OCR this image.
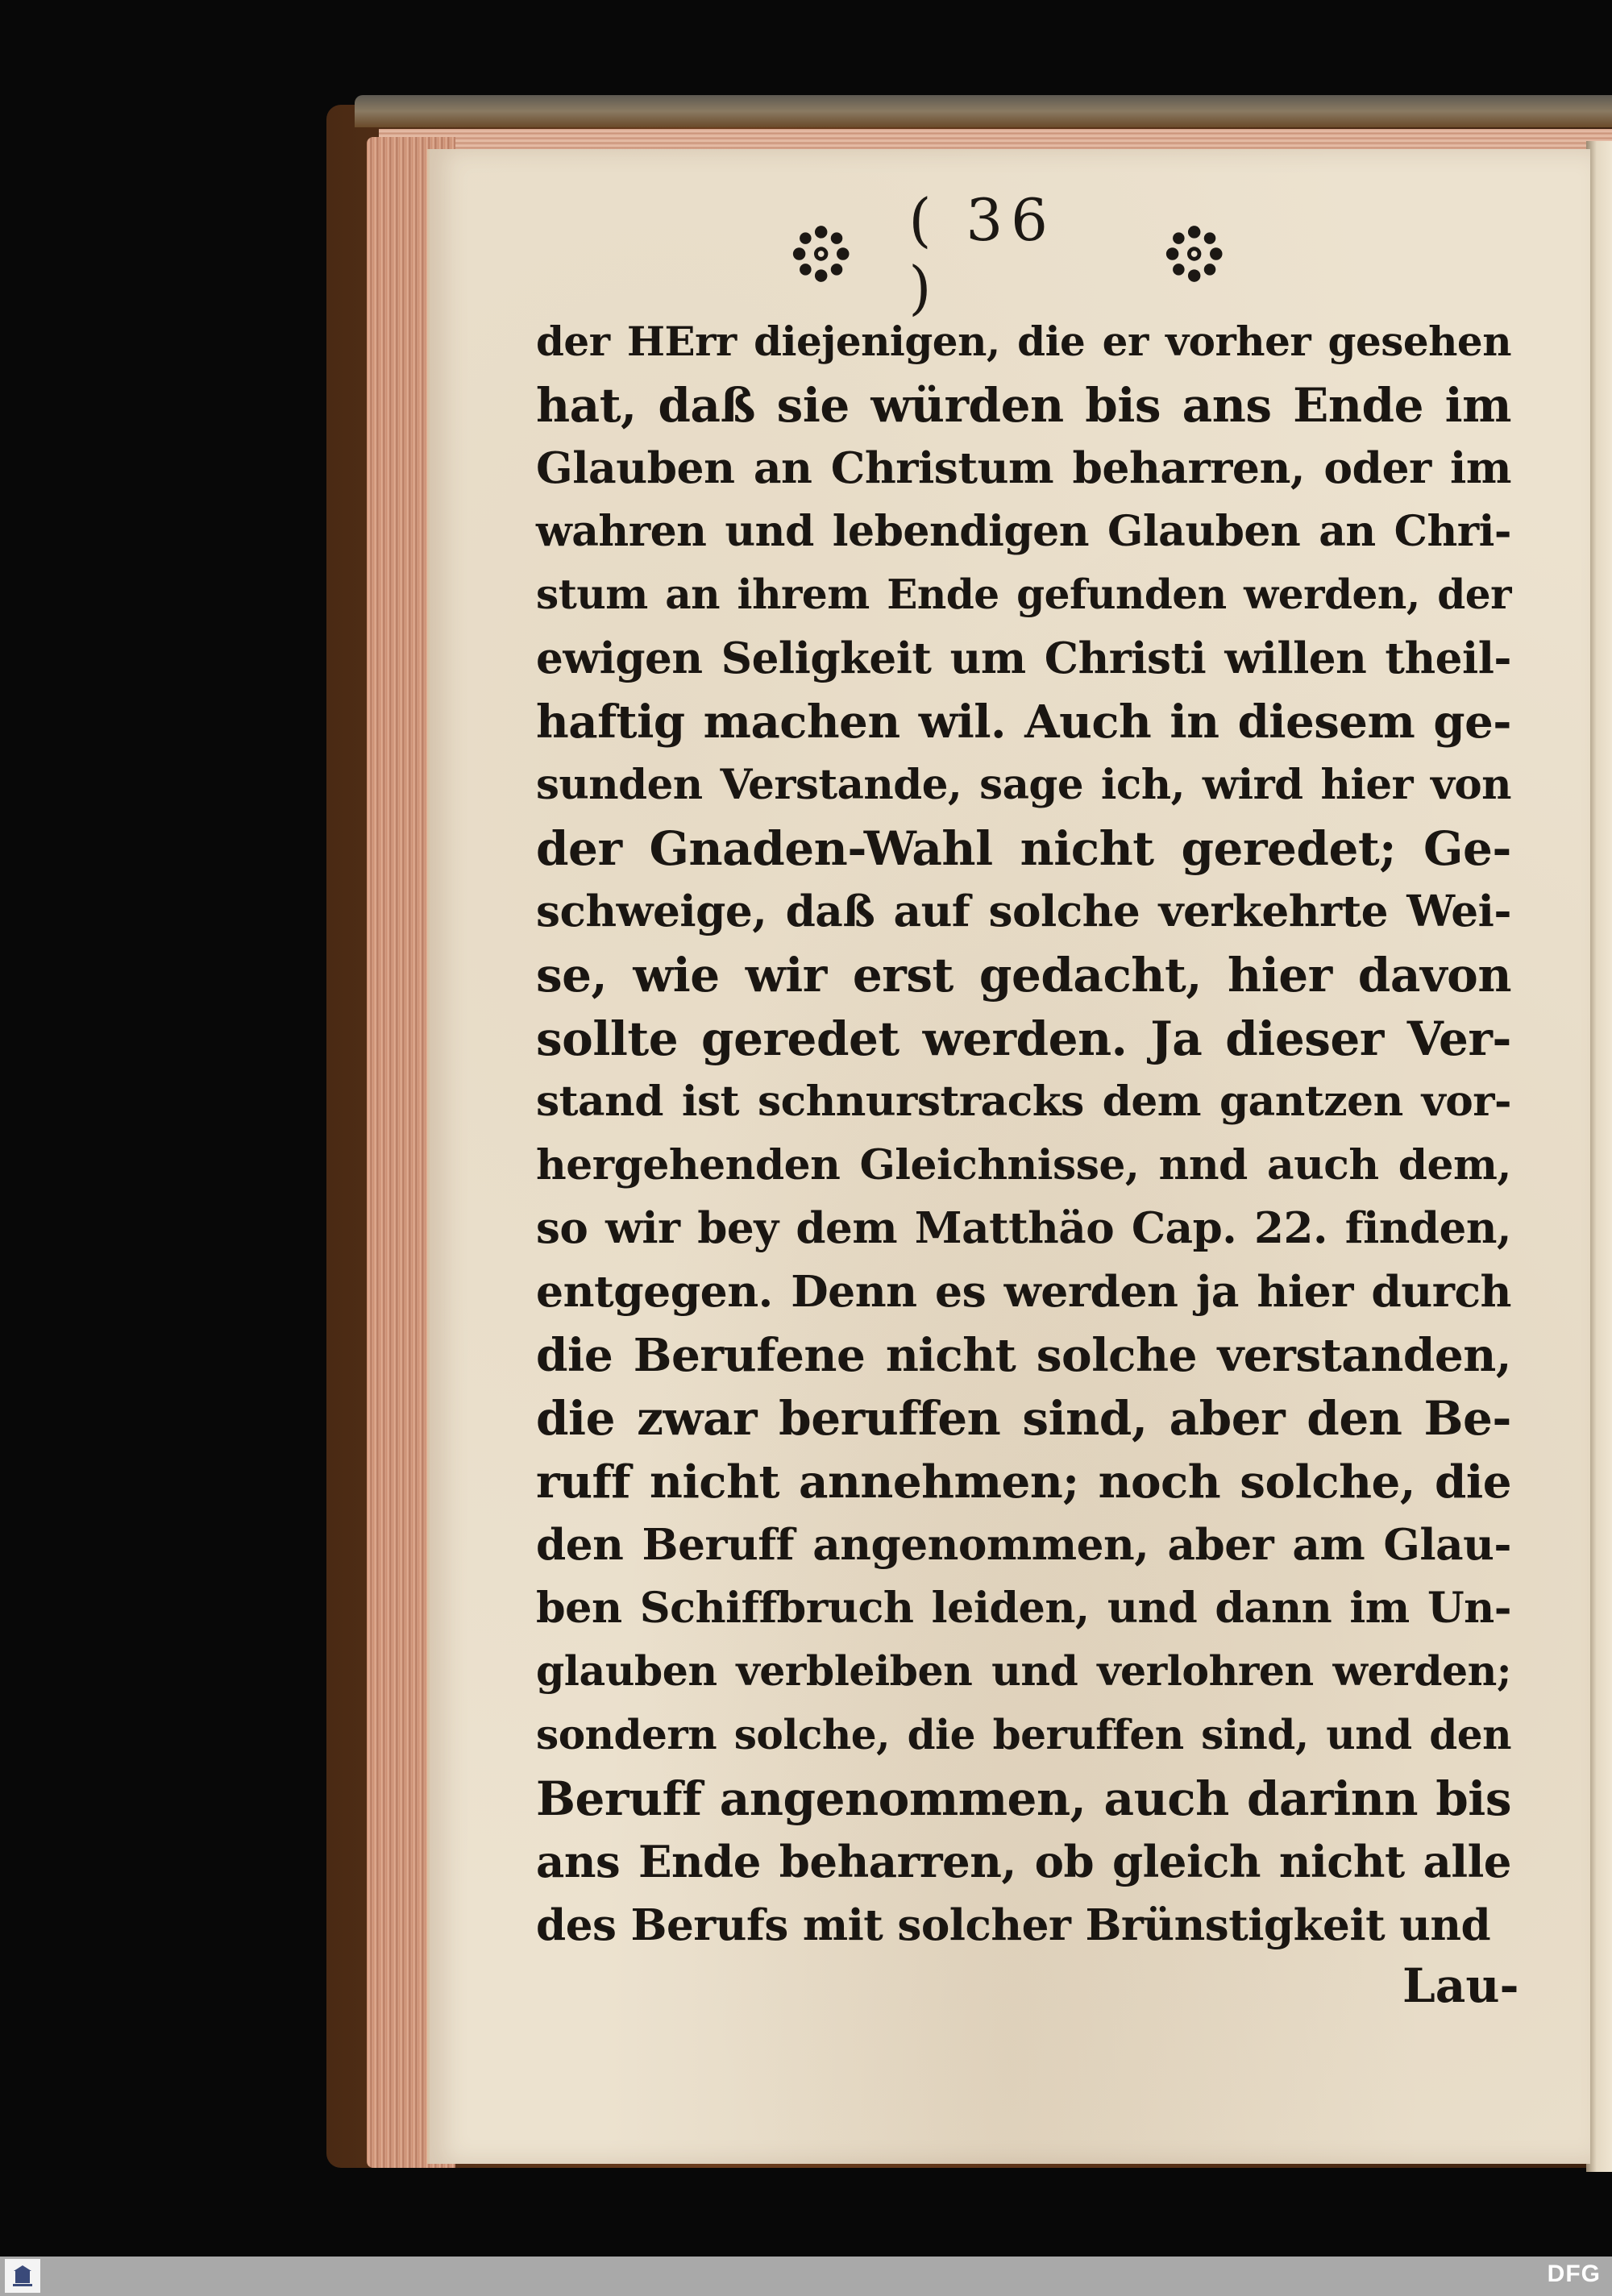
( 36 )
der HErr diejenigen, die er vorher gesehen
hat, daß sie würden bis ans Ende im
Glauben an Christum beharren, oder im
wahren und lebendigen Glauben an Chri-
stum an ihrem Ende gefunden werden, der
ewigen Seligkeit um Christi willen theil-
haftig machen wil. Auch in diesem ge-
sunden Verstande, sage ich, wird hier von
der Gnaden-Wahl nicht geredet; Ge-
schweige, daß auf solche verkehrte Wei-
se, wie wir erst gedacht, hier davon
sollte geredet werden. Ja dieser Ver-
stand ist schnurstracks dem gantzen vor-
hergehenden Gleichnisse, nnd auch dem,
so wir bey dem Matthäo Cap. 22. finden,
entgegen. Denn es werden ja hier durch
die Berufene nicht solche verstanden,
die zwar beruffen sind, aber den Be-
ruff nicht annehmen; noch solche, die
den Beruff angenommen, aber am Glau-
ben Schiffbruch leiden, und dann im Un-
glauben verbleiben und verlohren werden;
sondern solche, die beruffen sind, und den
Beruff angenommen, auch darinn bis
ans Ende beharren, ob gleich nicht alle
des Berufs mit solcher Brünstigkeit und
Lau-
DFG
